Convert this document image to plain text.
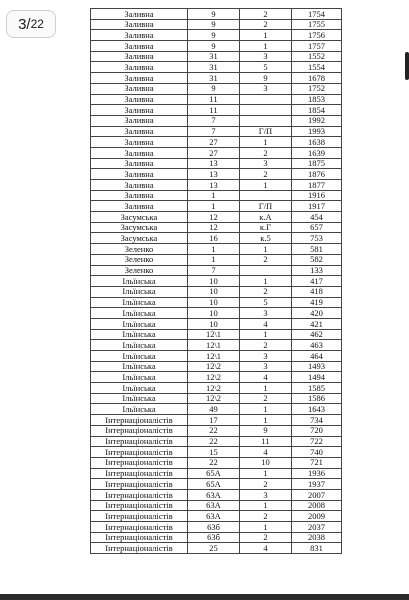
3 / 22
Заливна	9	2	1754
Заливна	9	2	1755
Заливна	9	1	1756
Заливна	9	1	1757
Заливна	31	3	1552
Заливна	31	5	1554
Заливна	31	9	1678
Заливна	9	3	1752
Заливна	11		1853
Заливна	11		1854
Заливна	7		1992
Заливна	7	Г/П	1993
Заливна	27	1	1638
Заливна	27	2	1639
Заливна	13	3	1875
Заливна	13	2	1876
Заливна	13	1	1877
Заливна	1		1916
Заливна	1	Г/П	1917
Засумська	12	к.А	454
Засумська	12	к.Г	657
Засумська	16	к.5	753
Зеленко	1	1	581
Зеленко	1	2	582
Зеленко	7		133
Ільїнська	10	1	417
Ільїнська	10	2	418
Ільїнська	10	5	419
Ільїнська	10	3	420
Ільїнська	10	4	421
Ільїнська	12\1	1	462
Ільїнська	12\1	2	463
Ільїнська	12\1	3	464
Ільїнська	12\2	3	1493
Ільїнська	12\2	4	1494
Ільїнська	12\2	1	1585
Ільїнська	12\2	2	1586
Ільїнська	49	1	1643
Інтернаціоналістів	17	1	734
Інтернаціоналістів	22	9	720
Інтернаціоналістів	22	11	722
Інтернаціоналістів	15	4	740
Інтернаціоналістів	22	10	721
Інтернаціоналістів	65А	1	1936
Інтернаціоналістів	65А	2	1937
Інтернаціоналістів	63А	3	2007
Інтернаціоналістів	63А	1	2008
Інтернаціоналістів	63А	2	2009
Інтернаціоналістів	63б	1	2037
Інтернаціоналістів	63б	2	2038
Інтернаціоналістів	25	4	831
